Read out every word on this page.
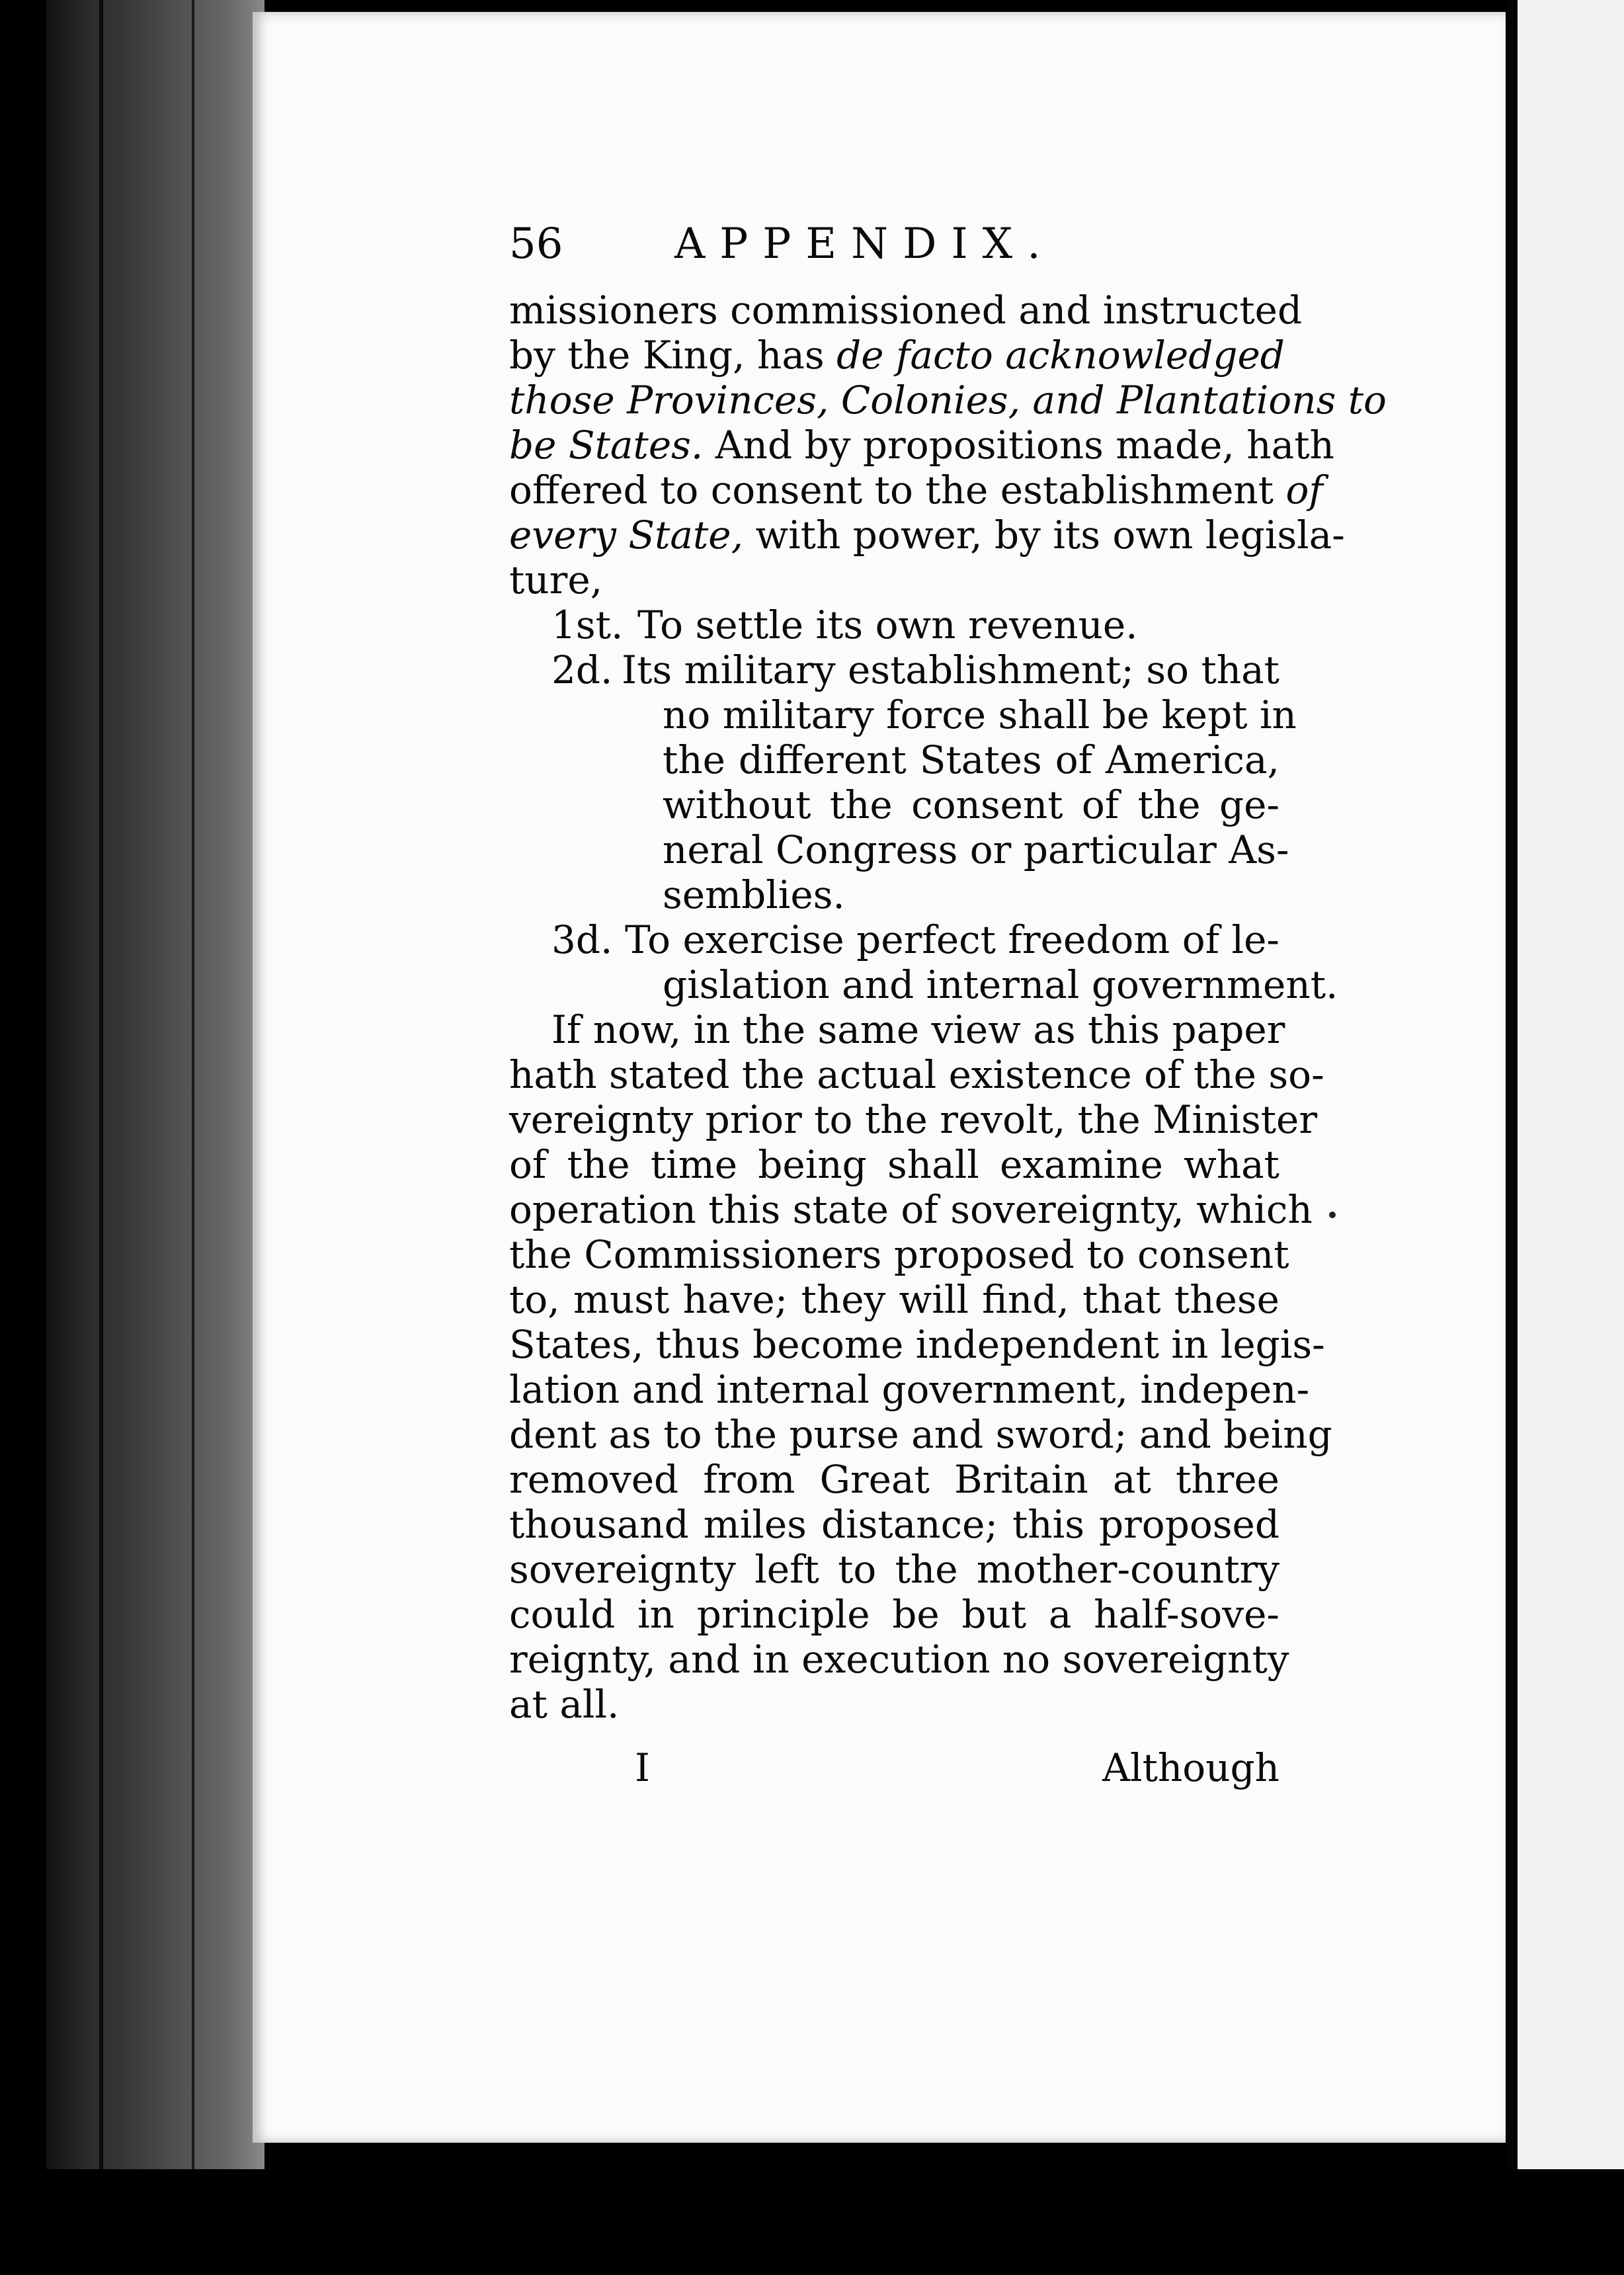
56	APPENDIX.
missioners commissioned and instructed
by the King, has de facto acknowledged
those Provinces, Colonies, and Plantations to
be States. And by propositions made, hath
offered to consent to the establishment of
every State, with power, by its own legisla-
ture,
1st. To settle its own revenue.
2d. Its military establishment; so that
no military force shall be kept in
the different States of America,
without the consent of the ge-
neral Congress or particular As-
semblies.
3d. To exercise perfect freedom of le-
gislation and internal government.
If now, in the same view as this paper
hath stated the actual existence of the so-
vereignty prior to the revolt, the Minister
of the time being shall examine what
operation this state of sovereignty, which
the Commissioners proposed to consent
to, must have; they will find, that these
States, thus become independent in legis-
lation and internal government, indepen-
dent as to the purse and sword; and being
removed from Great Britain at three
thousand miles distance; this proposed
sovereignty left to the mother-country
could in principle be but a half-sove-
reignty, and in execution no sovereignty
at all.
I	Although
